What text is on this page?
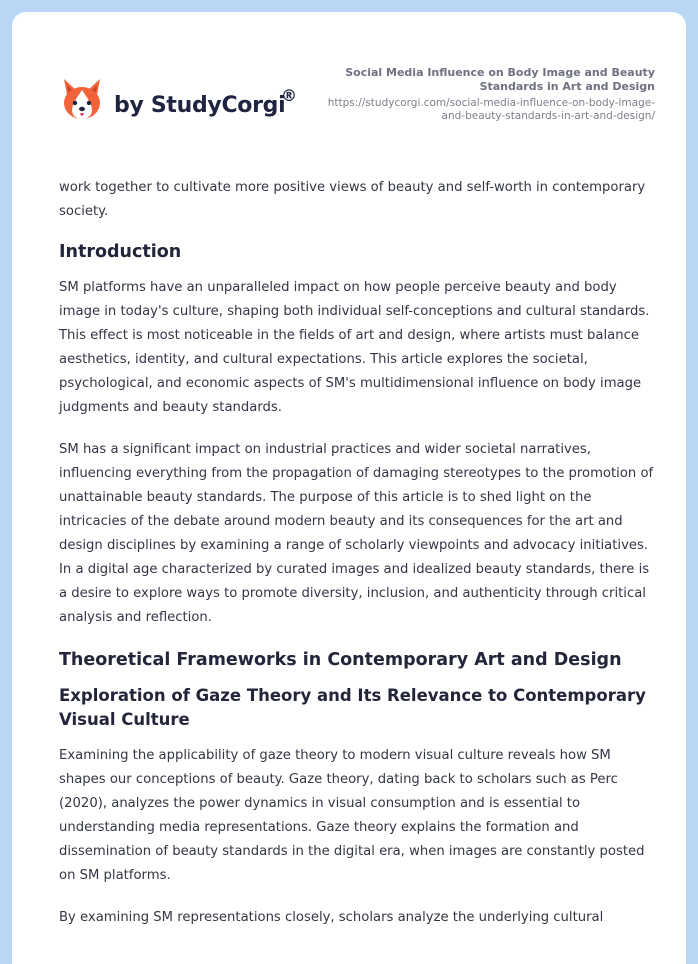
by StudyCorgi
®
Social Media Influence on Body Image and Beauty Standards in Art and Design
https://studycorgi.com/social-media-influence-on-body-image-and-beauty-standards-in-art-and-design/

work together to cultivate more positive views of beauty and self-worth in contemporary society.

Introduction

SM platforms have an unparalleled impact on how people perceive beauty and body image in today's culture, shaping both individual self-conceptions and cultural standards. This effect is most noticeable in the fields of art and design, where artists must balance aesthetics, identity, and cultural expectations. This article explores the societal, psychological, and economic aspects of SM's multidimensional influence on body image judgments and beauty standards.

SM has a significant impact on industrial practices and wider societal narratives, influencing everything from the propagation of damaging stereotypes to the promotion of unattainable beauty standards. The purpose of this article is to shed light on the intricacies of the debate around modern beauty and its consequences for the art and design disciplines by examining a range of scholarly viewpoints and advocacy initiatives. In a digital age characterized by curated images and idealized beauty standards, there is a desire to explore ways to promote diversity, inclusion, and authenticity through critical analysis and reflection.

Theoretical Frameworks in Contemporary Art and Design
Exploration of Gaze Theory and Its Relevance to Contemporary Visual Culture

Examining the applicability of gaze theory to modern visual culture reveals how SM shapes our conceptions of beauty. Gaze theory, dating back to scholars such as Perc (2020), analyzes the power dynamics in visual consumption and is essential to understanding media representations. Gaze theory explains the formation and dissemination of beauty standards in the digital era, when images are constantly posted on SM platforms.

By examining SM representations closely, scholars analyze the underlying cultural
